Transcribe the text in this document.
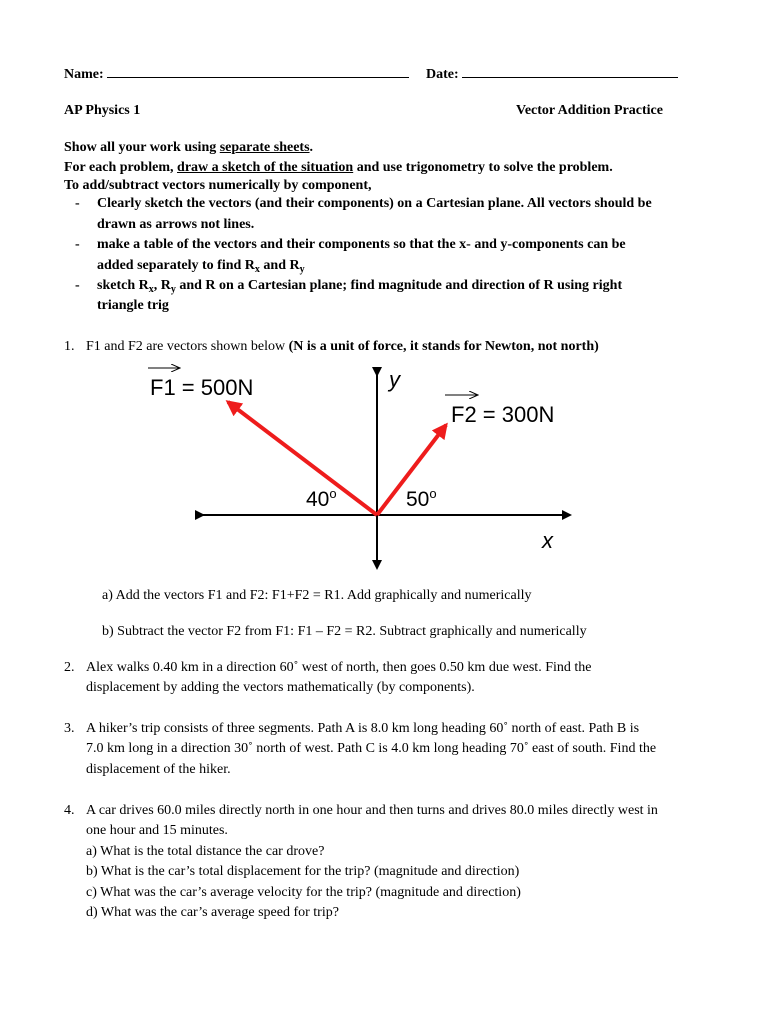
Name:	Date:
AP Physics 1	Vector Addition Practice
Show all your work using separate sheets.
For each problem, draw a sketch of the situation and use trigonometry to solve the problem.
To add/subtract vectors numerically by component,
- Clearly sketch the vectors (and their components) on a Cartesian plane. All vectors should be
drawn as arrows not lines.
- make a table of the vectors and their components so that the x- and y-components can be
added separately to find $R_x$ and $R_y$
- sketch $R_x$, $R_y$ and R on a Cartesian plane; find magnitude and direction of R using right
triangle trig
1. F1 and F2 are vectors shown below (N is a unit of force, it stands for Newton, not north)
F1 = 500N
F2 = 300N
y
x
40$^o$	50$^o$
a) Add the vectors F1 and F2: F1+F2 = R1. Add graphically and numerically
b) Subtract the vector F2 from F1: F1 – F2 = R2. Subtract graphically and numerically
2. Alex walks 0.40 km in a direction 60˚ west of north, then goes 0.50 km due west. Find the
displacement by adding the vectors mathematically (by components).
3. A hiker’s trip consists of three segments. Path A is 8.0 km long heading 60˚ north of east. Path B is
7.0 km long in a direction 30˚ north of west. Path C is 4.0 km long heading 70˚ east of south. Find the
displacement of the hiker.
4. A car drives 60.0 miles directly north in one hour and then turns and drives 80.0 miles directly west in
one hour and 15 minutes.
a) What is the total distance the car drove?
b) What is the car’s total displacement for the trip? (magnitude and direction)
c) What was the car’s average velocity for the trip? (magnitude and direction)
d) What was the car’s average speed for trip?
